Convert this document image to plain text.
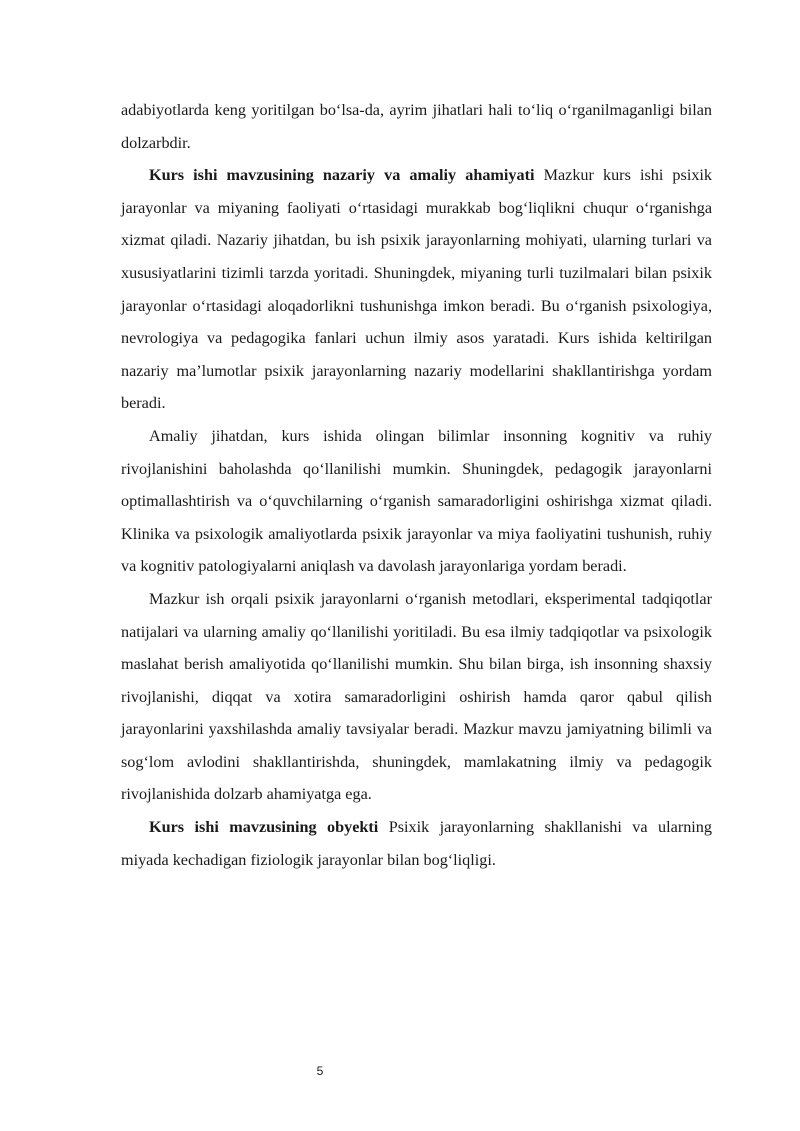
adabiyotlarda keng yoritilgan bo‘lsa-da, ayrim jihatlari hali to‘liq o‘rganilmaganligi bilan dolzarbdir.

Kurs ishi mavzusining nazariy va amaliy ahamiyati Mazkur kurs ishi psixik jarayonlar va miyaning faoliyati o‘rtasidagi murakkab bog‘liqlikni chuqur o‘rganishga xizmat qiladi. Nazariy jihatdan, bu ish psixik jarayonlarning mohiyati, ularning turlari va xususiyatlarini tizimli tarzda yoritadi. Shuningdek, miyaning turli tuzilmalari bilan psixik jarayonlar o‘rtasidagi aloqadorlikni tushunishga imkon beradi. Bu o‘rganish psixologiya, nevrologiya va pedagogika fanlari uchun ilmiy asos yaratadi. Kurs ishida keltirilgan nazariy ma’lumotlar psixik jarayonlarning nazariy modellarini shakllantirishga yordam beradi.

Amaliy jihatdan, kurs ishida olingan bilimlar insonning kognitiv va ruhiy rivojlanishini baholashda qo‘llanilishi mumkin. Shuningdek, pedagogik jarayonlarni optimallashtirish va o‘quvchilarning o‘rganish samaradorligini oshirishga xizmat qiladi. Klinika va psixologik amaliyotlarda psixik jarayonlar va miya faoliyatini tushunish, ruhiy va kognitiv patologiyalarni aniqlash va davolash jarayonlariga yordam beradi.

Mazkur ish orqali psixik jarayonlarni o‘rganish metodlari, eksperimental tadqiqotlar natijalari va ularning amaliy qo‘llanilishi yoritiladi. Bu esa ilmiy tadqiqotlar va psixologik maslahat berish amaliyotida qo‘llanilishi mumkin. Shu bilan birga, ish insonning shaxsiy rivojlanishi, diqqat va xotira samaradorligini oshirish hamda qaror qabul qilish jarayonlarini yaxshilashda amaliy tavsiyalar beradi. Mazkur mavzu jamiyatning bilimli va sog‘lom avlodini shakllantirishda, shuningdek, mamlakatning ilmiy va pedagogik rivojlanishida dolzarb ahamiyatga ega.

Kurs ishi mavzusining obyekti Psixik jarayonlarning shakllanishi va ularning miyada kechadigan fiziologik jarayonlar bilan bog‘liqligi.

5
